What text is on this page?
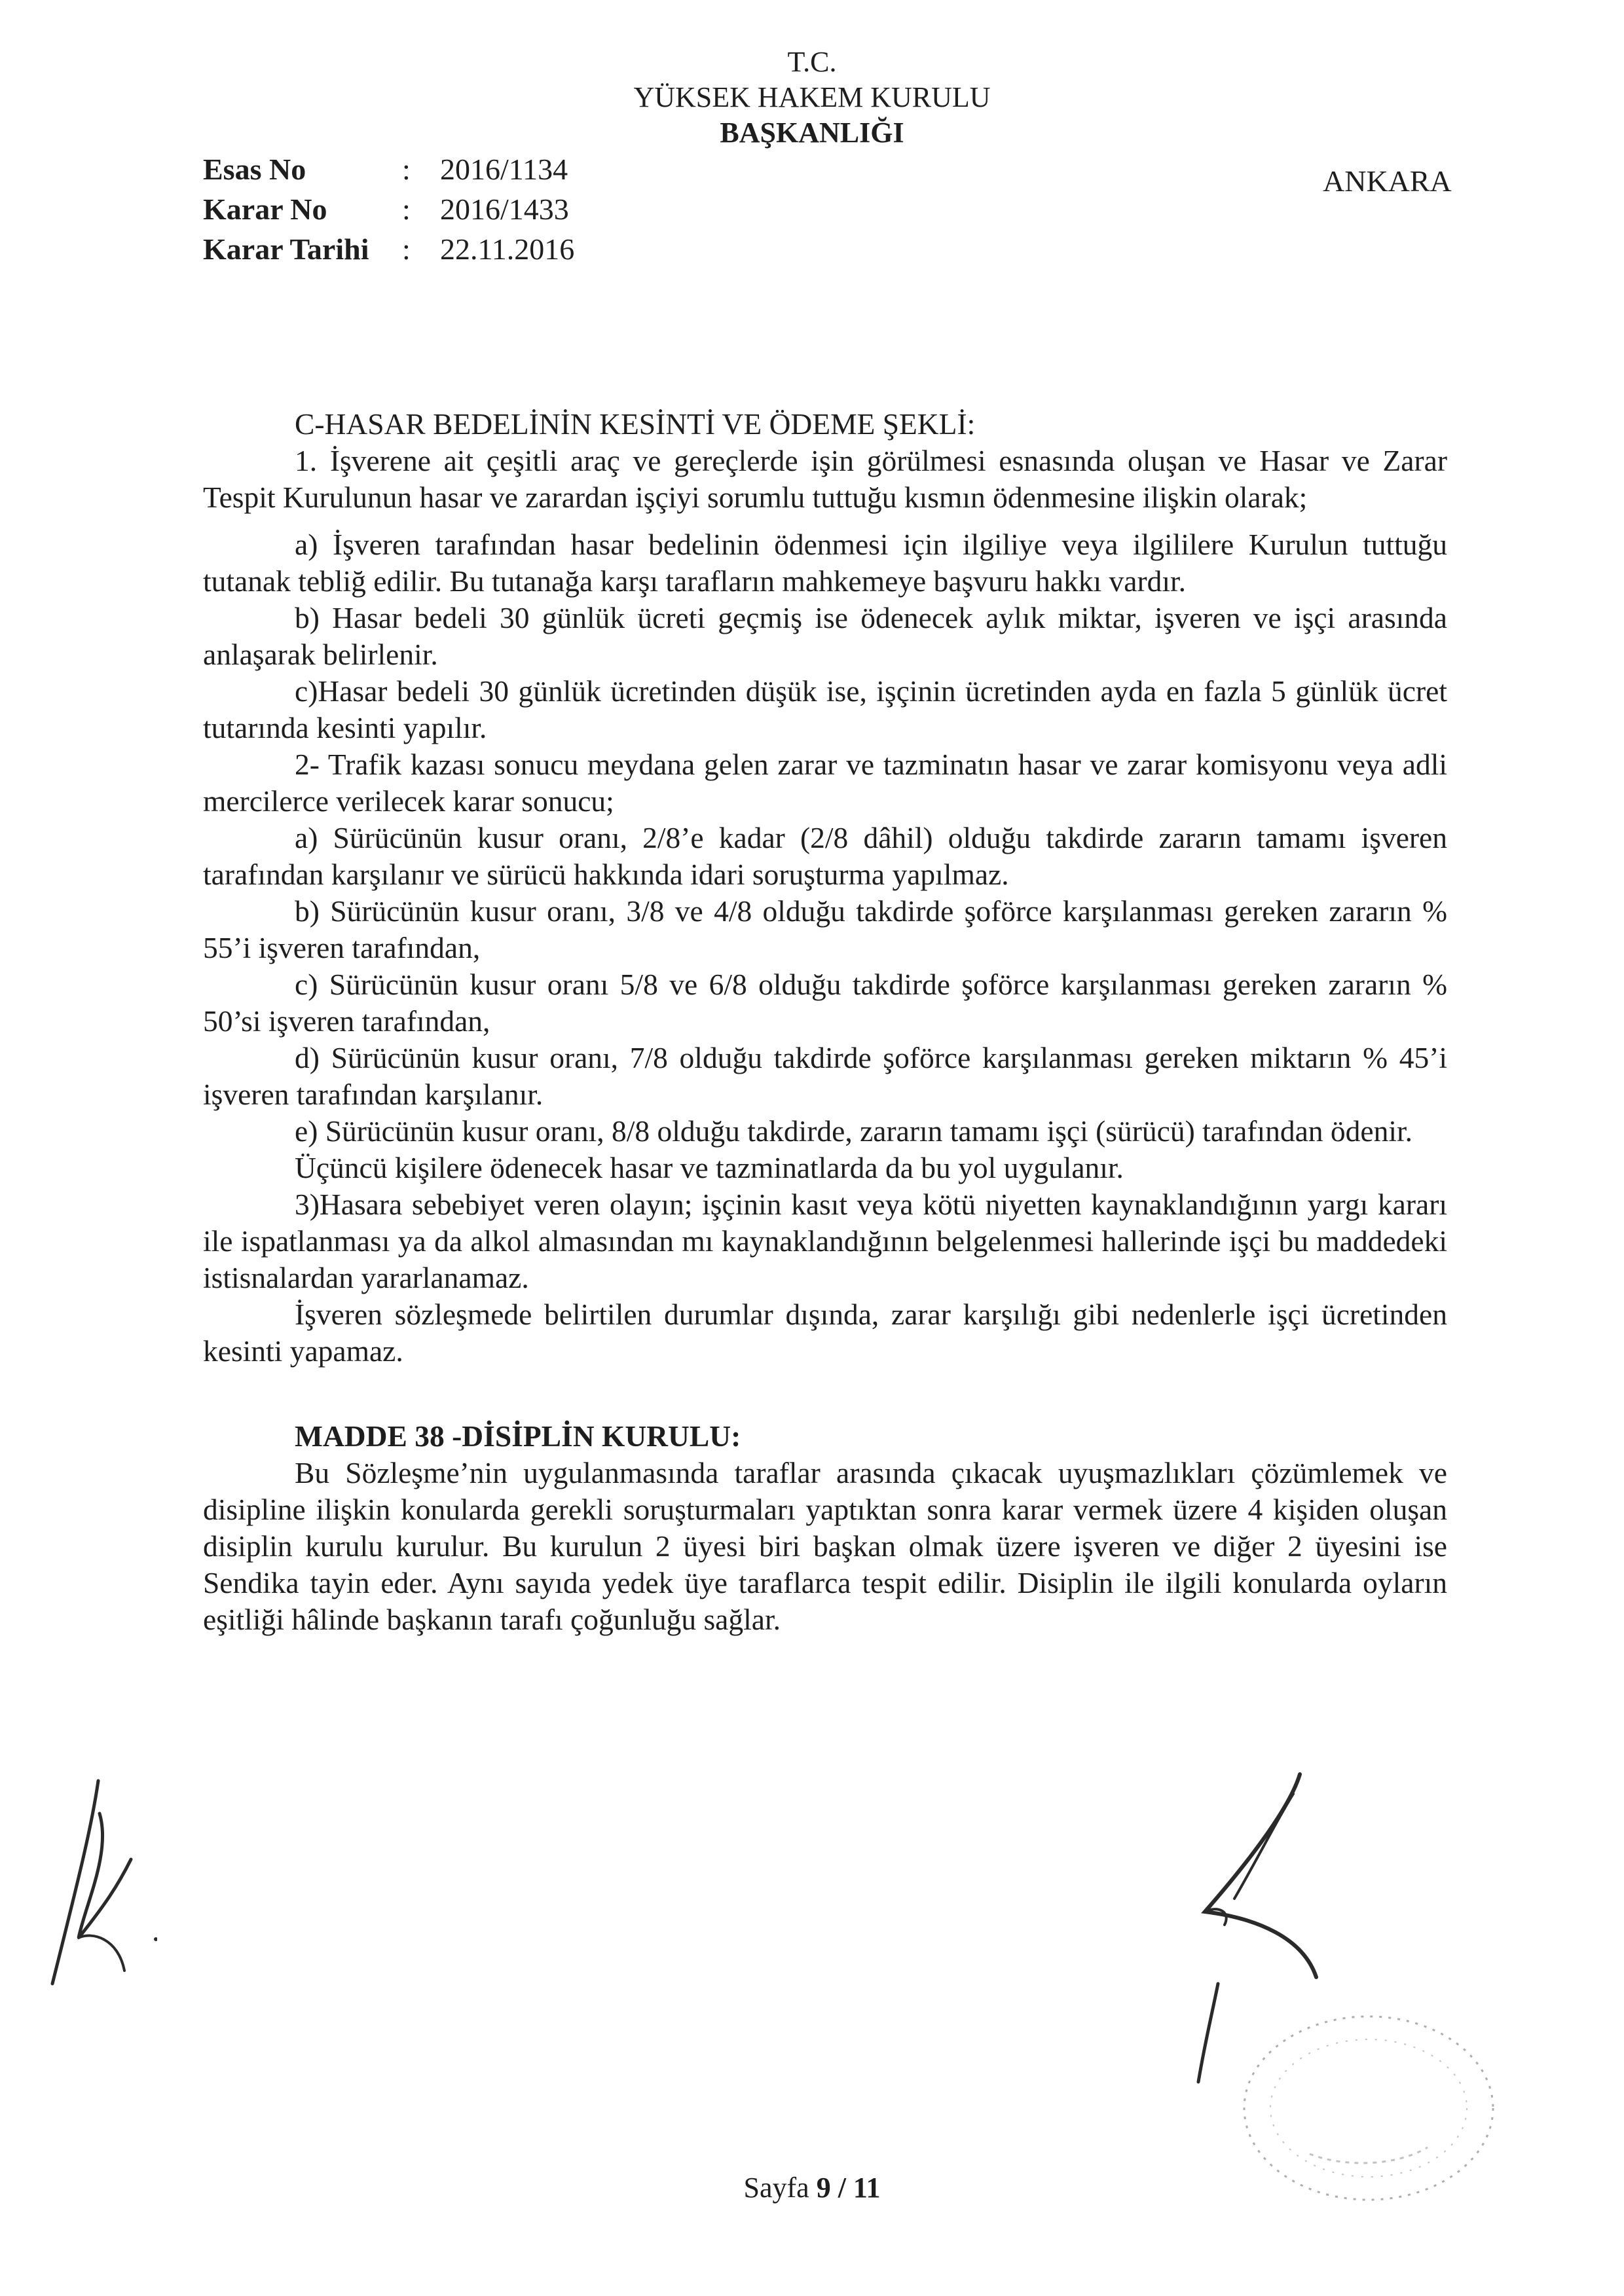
T.C.
YÜKSEK HAKEM KURULU
BAŞKANLIĞI
Esas No	: 2016/1134
Karar No	: 2016/1433
Karar Tarihi	: 22.11.2016
ANKARA

C-HASAR BEDELİNİN KESİNTİ VE ÖDEME ŞEKLİ:

1. İşverene ait çeşitli araç ve gereçlerde işin görülmesi esnasında oluşan ve Hasar ve Zarar Tespit Kurulunun hasar ve zarardan işçiyi sorumlu tuttuğu kısmın ödenmesine ilişkin olarak;

a) İşveren tarafından hasar bedelinin ödenmesi için ilgiliye veya ilgililere Kurulun tuttuğu tutanak tebliğ edilir. Bu tutanağa karşı tarafların mahkemeye başvuru hakkı vardır.

b) Hasar bedeli 30 günlük ücreti geçmiş ise ödenecek aylık miktar, işveren ve işçi arasında anlaşarak belirlenir.

c)Hasar bedeli 30 günlük ücretinden düşük ise, işçinin ücretinden ayda en fazla 5 günlük ücret tutarında kesinti yapılır.

2- Trafik kazası sonucu meydana gelen zarar ve tazminatın hasar ve zarar komisyonu veya adli mercilerce verilecek karar sonucu;

a) Sürücünün kusur oranı, 2/8’e kadar (2/8 dâhil) olduğu takdirde zararın tamamı işveren tarafından karşılanır ve sürücü hakkında idari soruşturma yapılmaz.

b) Sürücünün kusur oranı, 3/8 ve 4/8 olduğu takdirde şoförce karşılanması gereken zararın % 55’i işveren tarafından,

c) Sürücünün kusur oranı 5/8 ve 6/8 olduğu takdirde şoförce karşılanması gereken zararın % 50’si işveren tarafından,

d) Sürücünün kusur oranı, 7/8 olduğu takdirde şoförce karşılanması gereken miktarın % 45’i işveren tarafından karşılanır.

e) Sürücünün kusur oranı, 8/8 olduğu takdirde, zararın tamamı işçi (sürücü) tarafından ödenir.

Üçüncü kişilere ödenecek hasar ve tazminatlarda da bu yol uygulanır.

3)Hasara sebebiyet veren olayın; işçinin kasıt veya kötü niyetten kaynaklandığının yargı kararı ile ispatlanması ya da alkol almasından mı kaynaklandığının belgelenmesi hallerinde işçi bu maddedeki istisnalardan yararlanamaz.

İşveren sözleşmede belirtilen durumlar dışında, zarar karşılığı gibi nedenlerle işçi ücretinden kesinti yapamaz.

MADDE 38 -DİSİPLİN KURULU:

Bu Sözleşme’nin uygulanmasında taraflar arasında çıkacak uyuşmazlıkları çözümlemek ve disipline ilişkin konularda gerekli soruşturmaları yaptıktan sonra karar vermek üzere 4 kişiden oluşan disiplin kurulu kurulur. Bu kurulun 2 üyesi biri başkan olmak üzere işveren ve diğer 2 üyesini ise Sendika tayin eder. Aynı sayıda yedek üye taraflarca tespit edilir. Disiplin ile ilgili konularda oyların eşitliği hâlinde başkanın tarafı çoğunluğu sağlar.

Sayfa 9 / 11
